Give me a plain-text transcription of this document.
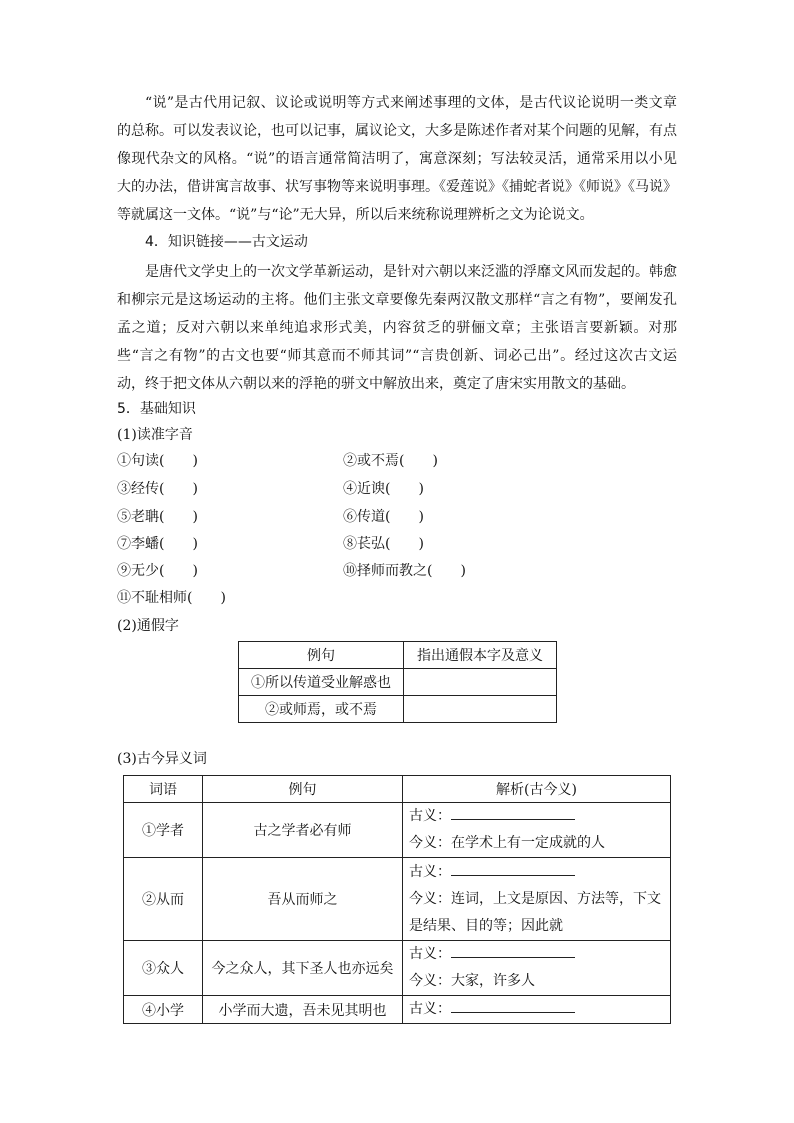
“说”是古代用记叙、议论或说明等方式来阐述事理的文体，是古代议论说明一类文章的总称。可以发表议论，也可以记事，属议论文，大多是陈述作者对某个问题的见解，有点像现代杂文的风格。“说”的语言通常简洁明了，寓意深刻；写法较灵活，通常采用以小见大的办法，借讲寓言故事、状写事物等来说明事理。《爱莲说》《捕蛇者说》《师说》《马说》等就属这一文体。“说”与“论”无大异，所以后来统称说理辨析之文为论说文。

4．知识链接——古文运动

是唐代文学史上的一次文学革新运动，是针对六朝以来泛滥的浮靡文风而发起的。韩愈和柳宗元是这场运动的主将。他们主张文章要像先秦两汉散文那样“言之有物”，要阐发孔孟之道；反对六朝以来单纯追求形式美，内容贫乏的骈俪文章；主张语言要新颖。对那些“言之有物”的古文也要“师其意而不师其词”“言贵创新、词必己出”。经过这次古文运动，终于把文体从六朝以来的浮艳的骈文中解放出来，奠定了唐宋实用散文的基础。

5．基础知识

(1)读准字音

①句读(　　)	②或不焉(　　)

③经传(　　)	④近谀(　　)

⑤老聃(　　)	⑥传道(　　)

⑦李蟠(　　)	⑧苌弘(　　)

⑨无少(　　)	⑩择师而教之(　　)

⑪不耻相师(　　)

(2)通假字

例句	指出通假本字及意义
①所以传道受业解惑也	
②或师焉，或不焉	

(3)古今异义词

词语	例句	解析(古今义)
①学者	古之学者必有师	古义：
今义：在学术上有一定成就的人

②从而	吾从而师之	古义：
今义：连词，上文是原因、方法等，下文是结果、目的等；因此就

③众人	今之众人，其下圣人也亦远矣	古义：
今义：大家，许多人

④小学	小学而大遗，吾未见其明也	古义：
